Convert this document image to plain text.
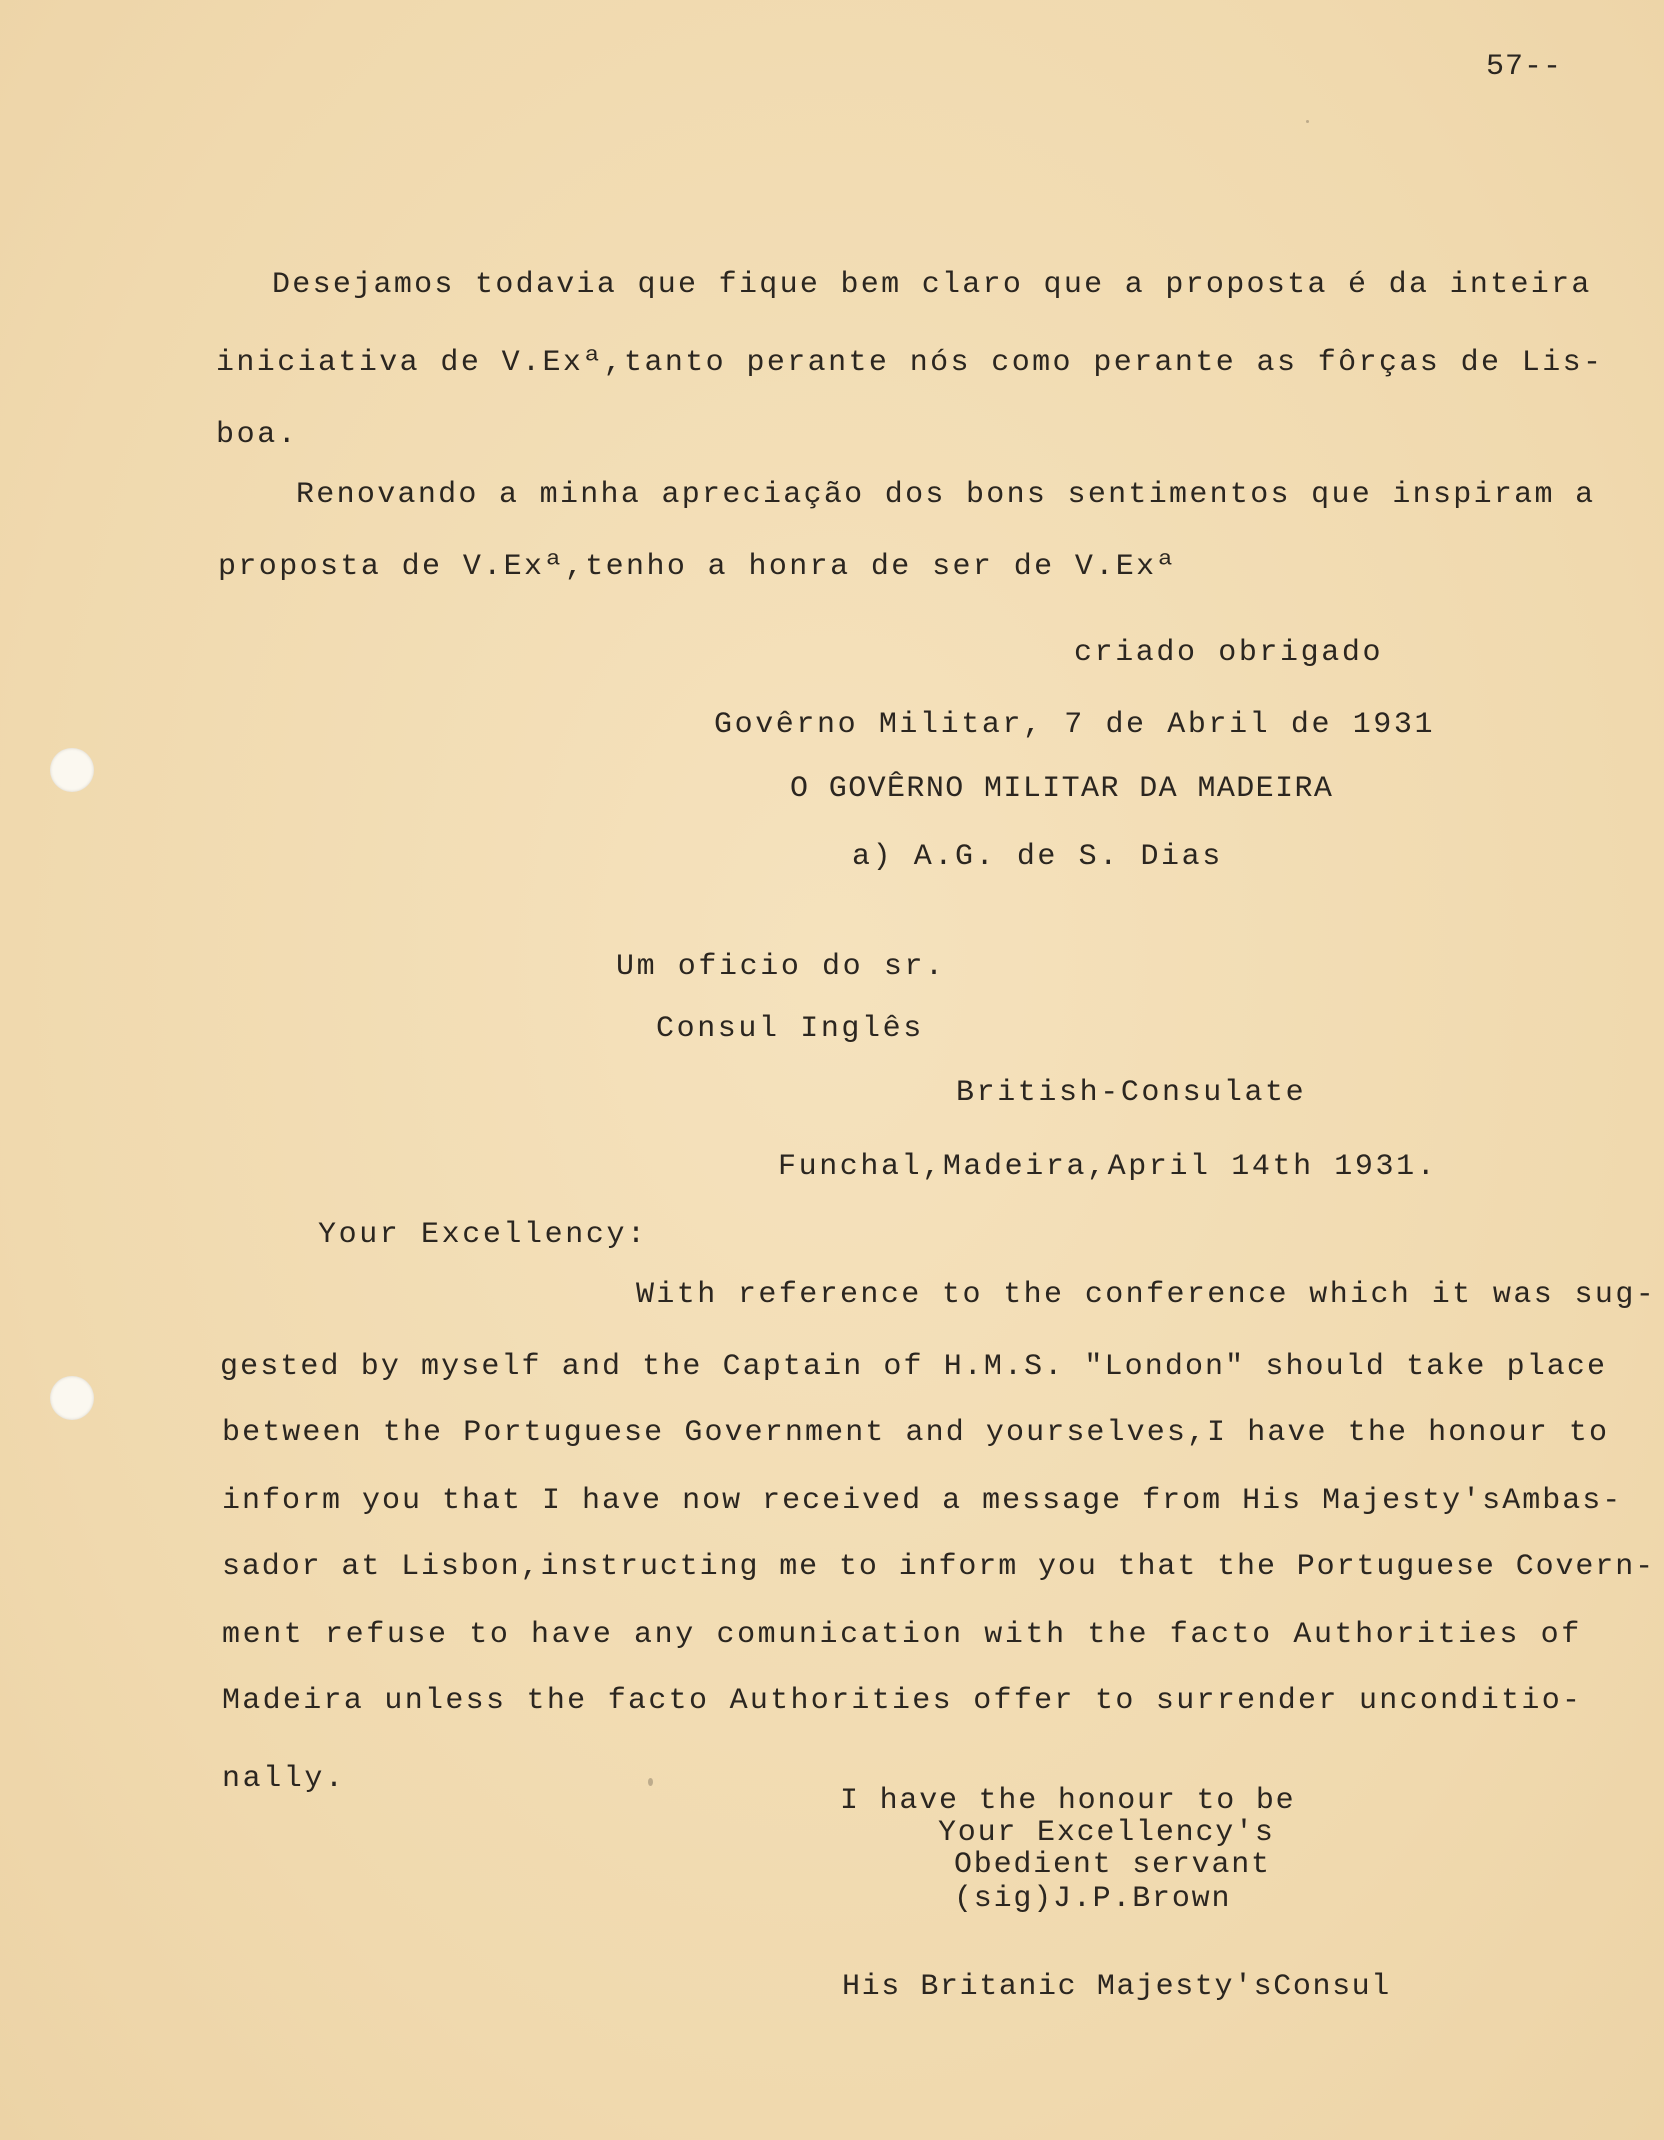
57--
Desejamos todavia que fique bem claro que a proposta é da inteira
iniciativa de V.Exª,tanto perante nós como perante as fôrças de Lis-
boa.
Renovando a minha apreciação dos bons sentimentos que inspiram a
proposta de V.Exª,tenho a honra de ser de V.Exª
criado obrigado
Govêrno Militar, 7 de Abril de 1931
O GOVÊRNO MILITAR DA MADEIRA
a) A.G. de S. Dias
Um oficio do sr.
Consul Inglês
British-Consulate
Funchal,Madeira,April 14th 1931.
Your Excellency:
With reference to the conference which it was sug-
gested by myself and the Captain of H.M.S. "London" should take place
between the Portuguese Government and yourselves,I have the honour to
inform you that I have now received a message from His Majesty'sAmbas-
sador at Lisbon,instructing me to inform you that the Portuguese Covern-
ment refuse to have any comunication with the facto Authorities of
Madeira unless the facto Authorities offer to surrender unconditio-
nally.
I have the honour to be
Your Excellency's
Obedient servant
(sig)J.P.Brown
His Britanic Majesty'sConsul
